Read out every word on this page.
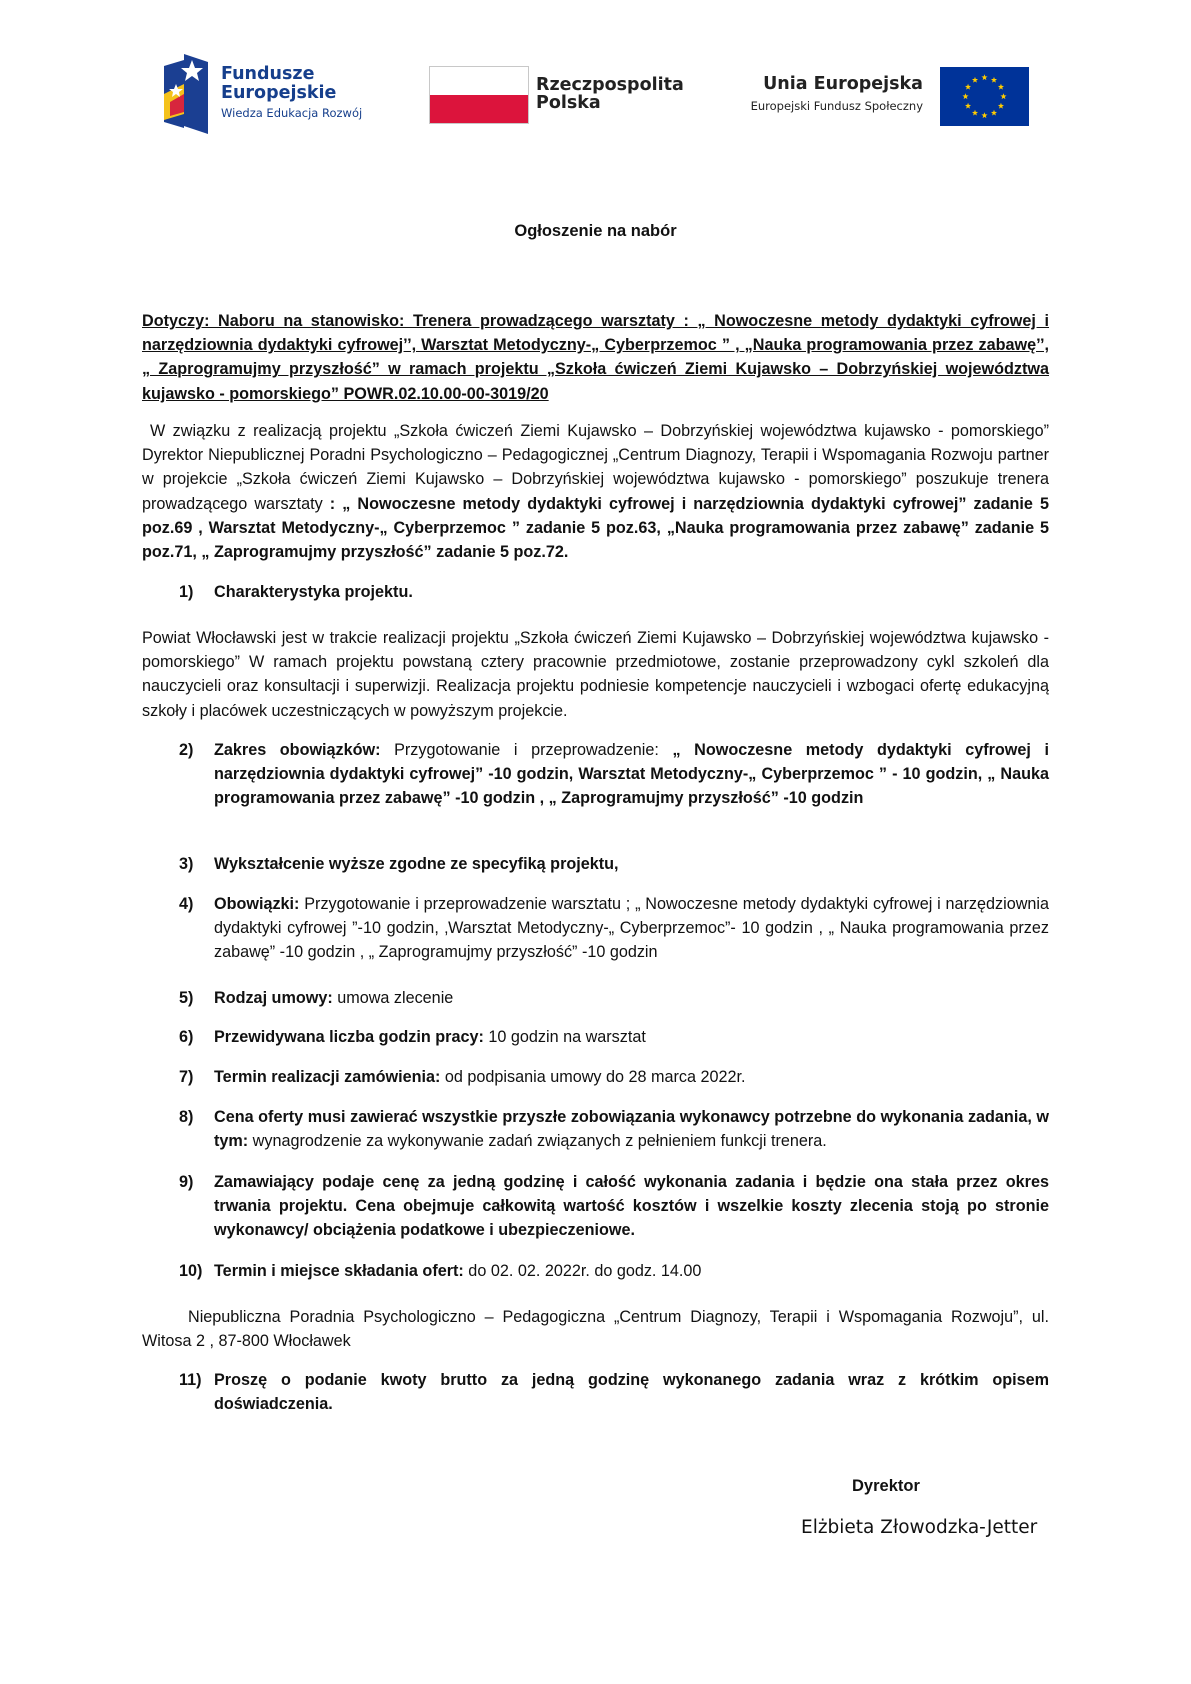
Fundusze
Europejskie
Wiedza Edukacja Rozwój
Rzeczpospolita
Polska
Unia Europejska
Europejski Fundusz Społeczny
Ogłoszenie na nabór
Dotyczy: Naboru na stanowisko: Trenera prowadzącego warsztaty : „ Nowoczesne metody dydaktyki cyfrowej i narzędziownia dydaktyki cyfrowej’’, Warsztat Metodyczny-„ Cyberprzemoc ” , „Nauka programowania przez zabawę’’, „ Zaprogramujmy przyszłość” w ramach projektu „Szkoła ćwiczeń Ziemi Kujawsko – Dobrzyńskiej województwa kujawsko - pomorskiego” POWR.02.10.00-00-3019/20
W związku z realizacją projektu „Szkoła ćwiczeń Ziemi Kujawsko – Dobrzyńskiej województwa kujawsko - pomorskiego” Dyrektor Niepublicznej Poradni Psychologiczno – Pedagogicznej „Centrum Diagnozy, Terapii i Wspomagania Rozwoju partner w projekcie „Szkoła ćwiczeń Ziemi Kujawsko – Dobrzyńskiej województwa kujawsko - pomorskiego” poszukuje trenera prowadzącego warsztaty : „ Nowoczesne metody dydaktyki cyfrowej i narzędziownia dydaktyki cyfrowej” zadanie 5 poz.69 , Warsztat Metodyczny-„ Cyberprzemoc ” zadanie 5 poz.63, „Nauka programowania przez zabawę” zadanie 5 poz.71, „ Zaprogramujmy przyszłość” zadanie 5 poz.72.
1) Charakterystyka projektu.
Powiat Włocławski jest w trakcie realizacji projektu „Szkoła ćwiczeń Ziemi Kujawsko – Dobrzyńskiej województwa kujawsko - pomorskiego” W ramach projektu powstaną cztery pracownie przedmiotowe, zostanie przeprowadzony cykl szkoleń dla nauczycieli oraz konsultacji i superwizji. Realizacja projektu podniesie kompetencje nauczycieli i wzbogaci ofertę edukacyjną szkoły i placówek uczestniczących w powyższym projekcie.
2) Zakres obowiązków: Przygotowanie i przeprowadzenie: „ Nowoczesne metody dydaktyki cyfrowej i narzędziownia dydaktyki cyfrowej” -10 godzin, Warsztat Metodyczny-„ Cyberprzemoc ” - 10 godzin, „ Nauka programowania przez zabawę” -10 godzin , „ Zaprogramujmy przyszłość” -10 godzin
3) Wykształcenie wyższe zgodne ze specyfiką projektu,
4) Obowiązki: Przygotowanie i przeprowadzenie warsztatu ; „ Nowoczesne metody dydaktyki cyfrowej i narzędziownia dydaktyki cyfrowej ”-10 godzin, ‚Warsztat Metodyczny-„ Cyberprzemoc”- 10 godzin , „ Nauka programowania przez zabawę” -10 godzin , „ Zaprogramujmy przyszłość” -10 godzin
5) Rodzaj umowy: umowa zlecenie
6) Przewidywana liczba godzin pracy: 10 godzin na warsztat
7) Termin realizacji zamówienia: od podpisania umowy do 28 marca 2022r.
8) Cena oferty musi zawierać wszystkie przyszłe zobowiązania wykonawcy potrzebne do wykonania zadania, w tym: wynagrodzenie za wykonywanie zadań związanych z pełnieniem funkcji trenera.
9) Zamawiający podaje cenę za jedną godzinę i całość wykonania zadania i będzie ona stała przez okres trwania projektu. Cena obejmuje całkowitą wartość kosztów i wszelkie koszty zlecenia stoją po stronie wykonawcy/ obciążenia podatkowe i ubezpieczeniowe.
10) Termin i miejsce składania ofert: do 02. 02. 2022r. do godz. 14.00
Niepubliczna Poradnia Psychologiczno – Pedagogiczna „Centrum Diagnozy, Terapii i Wspomagania Rozwoju”, ul. Witosa 2 , 87-800 Włocławek
11) Proszę o podanie kwoty brutto za jedną godzinę wykonanego zadania wraz z krótkim opisem doświadczenia.
Dyrektor
Elżbieta Złowodzka-Jetter
